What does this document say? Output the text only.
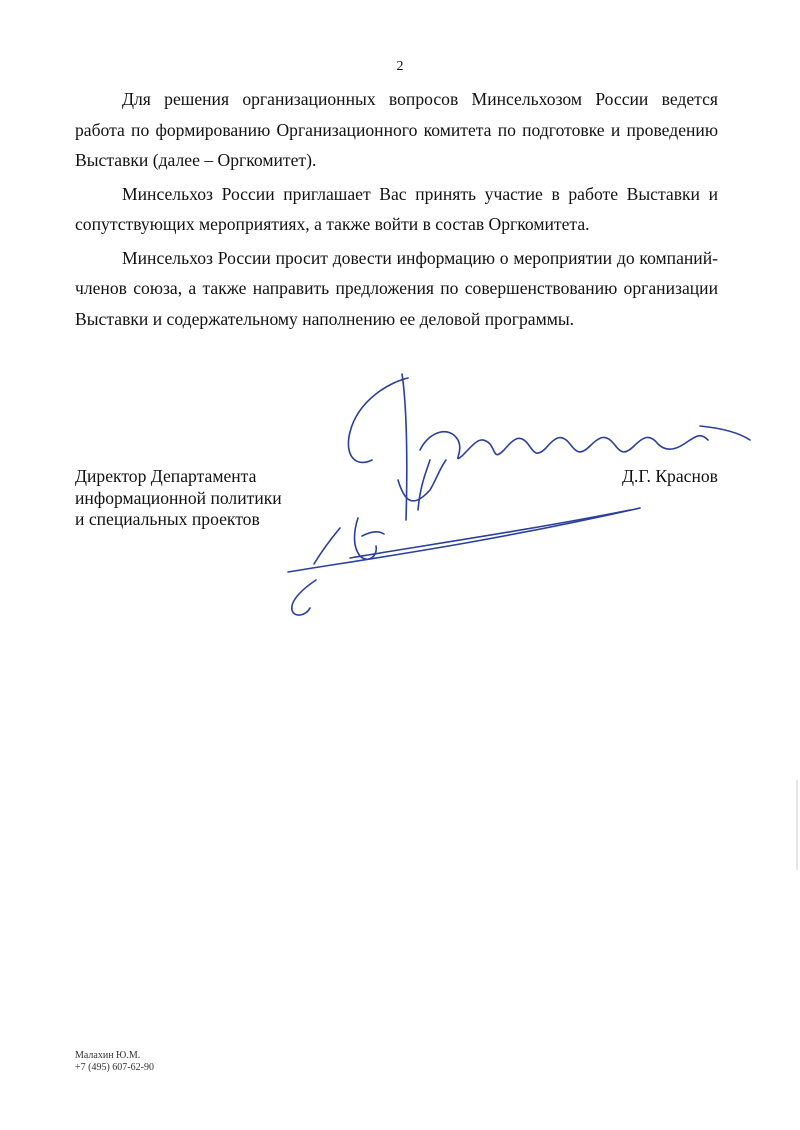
2

Для решения организационных вопросов Минсельхозом России ведется работа по формированию Организационного комитета по подготовке и проведению Выставки (далее – Оргкомитет).

Минсельхоз России приглашает Вас принять участие в работе Выставки и сопутствующих мероприятиях, а также войти в состав Оргкомитета.

Минсельхоз России просит довести информацию о мероприятии до компаний-членов союза, а также направить предложения по совершенствованию организации Выставки и содержательному наполнению ее деловой программы.

Директор Департамента
информационной политики
и специальных проектов
Д.Г. Краснов
Малахин Ю.М.
+7 (495) 607-62-90
